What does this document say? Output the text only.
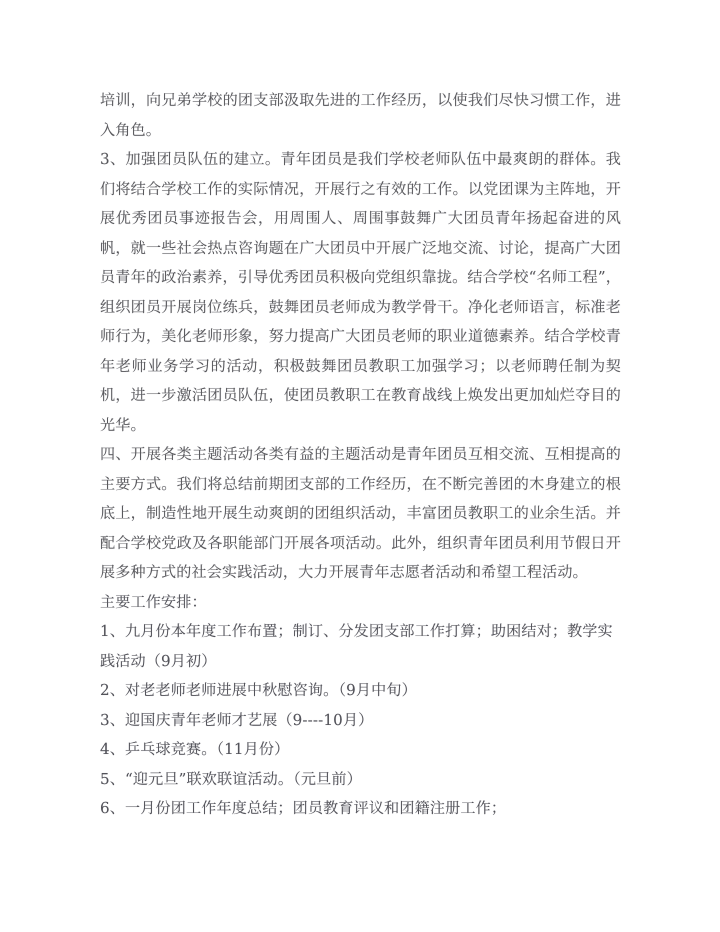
培训，向兄弟学校的团支部汲取先进的工作经历，以使我们尽快习惯工作，进入角色。

3、加强团员队伍的建立。青年团员是我们学校老师队伍中最爽朗的群体。我们将结合学校工作的实际情况，开展行之有效的工作。以党团课为主阵地，开展优秀团员事迹报告会，用周围人、周围事鼓舞广大团员青年扬起奋进的风帆，就一些社会热点咨询题在广大团员中开展广泛地交流、讨论，提高广大团员青年的政治素养，引导优秀团员积极向党组织靠拢。结合学校“名师工程”，组织团员开展岗位练兵，鼓舞团员老师成为教学骨干。净化老师语言，标准老师行为，美化老师形象，努力提高广大团员老师的职业道德素养。结合学校青年老师业务学习的活动，积极鼓舞团员教职工加强学习；以老师聘任制为契机，进一步激活团员队伍，使团员教职工在教育战线上焕发出更加灿烂夺目的光华。

四、开展各类主题活动各类有益的主题活动是青年团员互相交流、互相提高的主要方式。我们将总结前期团支部的工作经历，在不断完善团的木身建立的根底上，制造性地开展生动爽朗的团组织活动，丰富团员教职工的业余生活。并配合学校党政及各职能部门开展各项活动。此外，组织青年团员利用节假日开展多种方式的社会实践活动，大力开展青年志愿者活动和希望工程活动。

主要工作安排：

1、九月份本年度工作布置；制订、分发团支部工作打算；助困结对；教学实践活动（9月初）

2、对老老师老师进展中秋慰咨询。（9月中旬）

3、迎国庆青年老师才艺展（9----10月）

4、乒乓球竞赛。（11月份）

5、“迎元旦”联欢联谊活动。（元旦前）

6、一月份团工作年度总结；团员教育评议和团籍注册工作；
